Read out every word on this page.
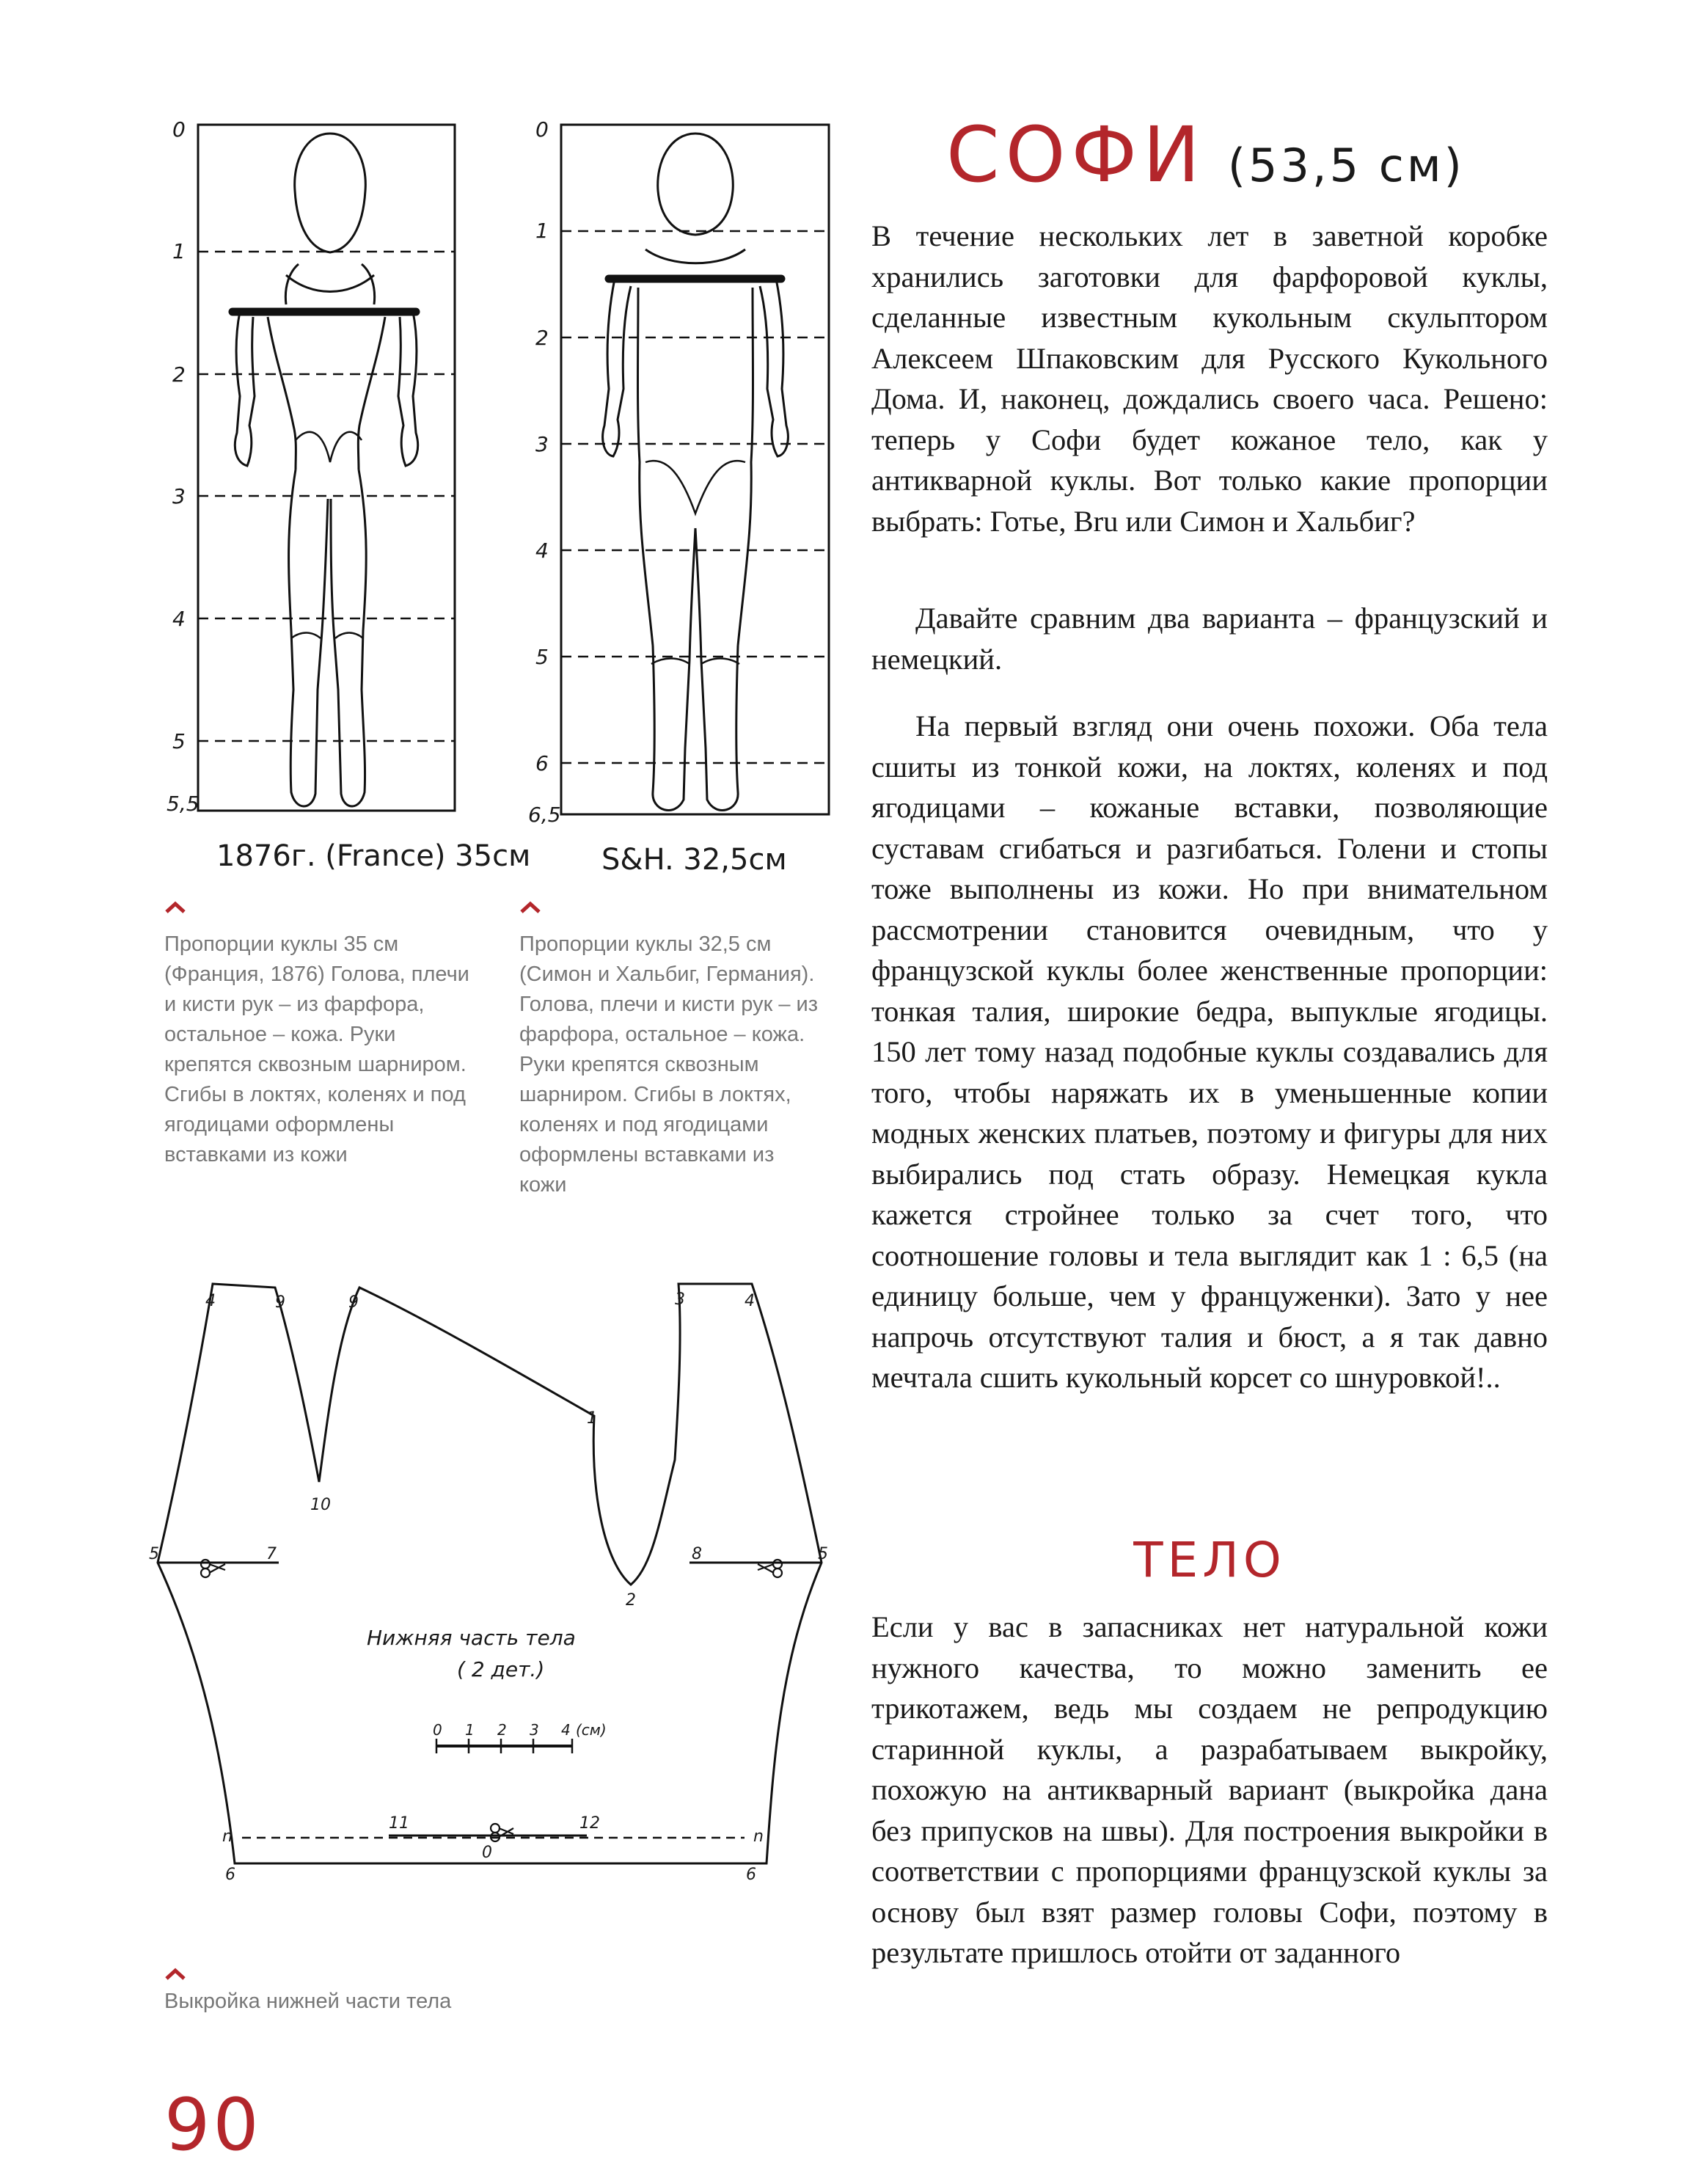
СОФИ (53,5 см)

В течение нескольких лет в заветной коробке хранились заготовки для фарфоровой куклы, сделанные известным кукольным скульптором Алексеем Шпаковским для Русского Кукольного Дома. И, наконец, дождались своего часа. Решено: теперь у Софи будет кожаное тело, как у антикварной куклы. Вот только какие пропорции выбрать: Готье, Bru или Симон и Хальбиг?

Давайте сравним два варианта – французский и немецкий.

На первый взгляд они очень похожи. Оба тела сшиты из тонкой кожи, на локтях, коленях и под ягодицами – кожаные вставки, позволяющие суставам сгибаться и разгибаться. Голени и стопы тоже выполнены из кожи. Но при внимательном рассмотрении становится очевидным, что у французской куклы более женственные пропорции: тонкая талия, широкие бедра, выпуклые ягодицы. 150 лет тому назад подобные куклы создавались для того, чтобы наряжать их в уменьшенные копии модных женских платьев, поэтому и фигуры для них выбирались под стать образу. Немецкая кукла кажется стройнее только за счет того, что соотношение головы и тела выглядит как 1 : 6,5 (на единицу больше, чем у француженки). Зато у нее напрочь отсутствуют талия и бюст, а я так давно мечтала сшить кукольный корсет со шнуровкой!..

ТЕЛО

Если у вас в запасниках нет натуральной кожи нужного качества, то можно заменить ее трикотажем, ведь мы создаем не репродукцию старинной куклы, а разрабатываем выкройку, похожую на антикварный вариант (выкройка дана без припусков на швы). Для построения выкройки в соответствии с пропорциями французской куклы за основу был взят размер головы Софи, поэтому в результате пришлось отойти от заданного

0
1
2
3
4
5
5,5
1876г. (France) 35см
0
1
2
3
4
5
6
6,5
S&H. 32,5см

Пропорции куклы 35 см (Франция, 1876) Голова, плечи и кисти рук – из фарфора, остальное – кожа. Руки крепятся сквозным шарниром. Сгибы в локтях, коленях и под ягодицами оформлены вставками из кожи

Пропорции куклы 32,5 см (Симон и Хальбиг, Германия). Голова, плечи и кисти рук – из фарфора, остальное – кожа. Руки крепятся сквозным шарниром. Сгибы в локтях, коленях и под ягодицами оформлены вставками из кожи

4	9	9	3	4
1
10
5	7
2
8	5
11	12
0
n	n
6	6
Нижняя часть тела
( 2 дет.)
0 1 2 3 4 (см)

Выкройка нижней части тела

90
